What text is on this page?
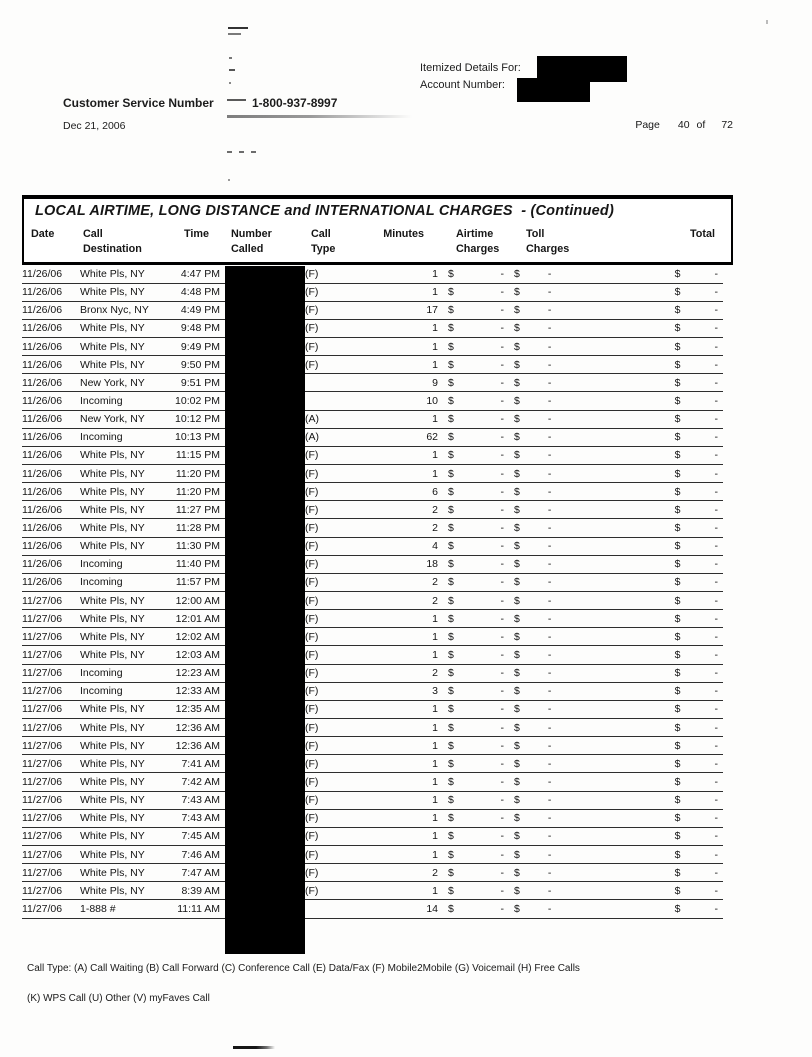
Itemized Details For:
Account Number:
Customer Service Number	1-800-937-8997
Dec 21, 2006	Page 40 of 72
LOCAL AIRTIME, LONG DISTANCE and INTERNATIONAL CHARGES  - (Continued)
Date	Call
Destination
Time	Number
Called
Call
Type
Minutes	Airtime
Charges
Toll
Charges
Total
11/26/06	White Pls, NY	4:47 PM		(F)	1	$ -	$ -	$ -

11/26/06	White Pls, NY	4:48 PM		(F)	1	$ -	$ -	$ -

11/26/06	Bronx Nyc, NY	4:49 PM		(F)	17	$ -	$ -	$ -

11/26/06	White Pls, NY	9:48 PM		(F)	1	$ -	$ -	$ -

11/26/06	White Pls, NY	9:49 PM		(F)	1	$ -	$ -	$ -

11/26/06	White Pls, NY	9:50 PM		(F)	1	$ -	$ -	$ -

11/26/06	New York, NY	9:51 PM			9	$ -	$ -	$ -

11/26/06	Incoming	10:02 PM			10	$ -	$ -	$ -

11/26/06	New York, NY	10:12 PM		(A)	1	$ -	$ -	$ -

11/26/06	Incoming	10:13 PM		(A)	62	$ -	$ -	$ -

11/26/06	White Pls, NY	11:15 PM		(F)	1	$ -	$ -	$ -

11/26/06	White Pls, NY	11:20 PM		(F)	1	$ -	$ -	$ -

11/26/06	White Pls, NY	11:20 PM		(F)	6	$ -	$ -	$ -

11/26/06	White Pls, NY	11:27 PM		(F)	2	$ -	$ -	$ -

11/26/06	White Pls, NY	11:28 PM		(F)	2	$ -	$ -	$ -

11/26/06	White Pls, NY	11:30 PM		(F)	4	$ -	$ -	$ -

11/26/06	Incoming	11:40 PM		(F)	18	$ -	$ -	$ -

11/26/06	Incoming	11:57 PM		(F)	2	$ -	$ -	$ -

11/27/06	White Pls, NY	12:00 AM		(F)	2	$ -	$ -	$ -

11/27/06	White Pls, NY	12:01 AM		(F)	1	$ -	$ -	$ -

11/27/06	White Pls, NY	12:02 AM		(F)	1	$ -	$ -	$ -

11/27/06	White Pls, NY	12:03 AM		(F)	1	$ -	$ -	$ -

11/27/06	Incoming	12:23 AM		(F)	2	$ -	$ -	$ -

11/27/06	Incoming	12:33 AM		(F)	3	$ -	$ -	$ -

11/27/06	White Pls, NY	12:35 AM		(F)	1	$ -	$ -	$ -

11/27/06	White Pls, NY	12:36 AM		(F)	1	$ -	$ -	$ -

11/27/06	White Pls, NY	12:36 AM		(F)	1	$ -	$ -	$ -

11/27/06	White Pls, NY	7:41 AM		(F)	1	$ -	$ -	$ -

11/27/06	White Pls, NY	7:42 AM		(F)	1	$ -	$ -	$ -

11/27/06	White Pls, NY	7:43 AM		(F)	1	$ -	$ -	$ -

11/27/06	White Pls, NY	7:43 AM		(F)	1	$ -	$ -	$ -

11/27/06	White Pls, NY	7:45 AM		(F)	1	$ -	$ -	$ -

11/27/06	White Pls, NY	7:46 AM		(F)	1	$ -	$ -	$ -

11/27/06	White Pls, NY	7:47 AM		(F)	2	$ -	$ -	$ -

11/27/06	White Pls, NY	8:39 AM		(F)	1	$ -	$ -	$ -

11/27/06	1-888 #	11:11 AM			14	$ -	$ -	$ -
Call Type: (A) Call Waiting (B) Call Forward (C) Conference Call (E) Data/Fax (F) Mobile2Mobile (G) Voicemail (H) Free Calls
(K) WPS Call (U) Other (V) myFaves Call
